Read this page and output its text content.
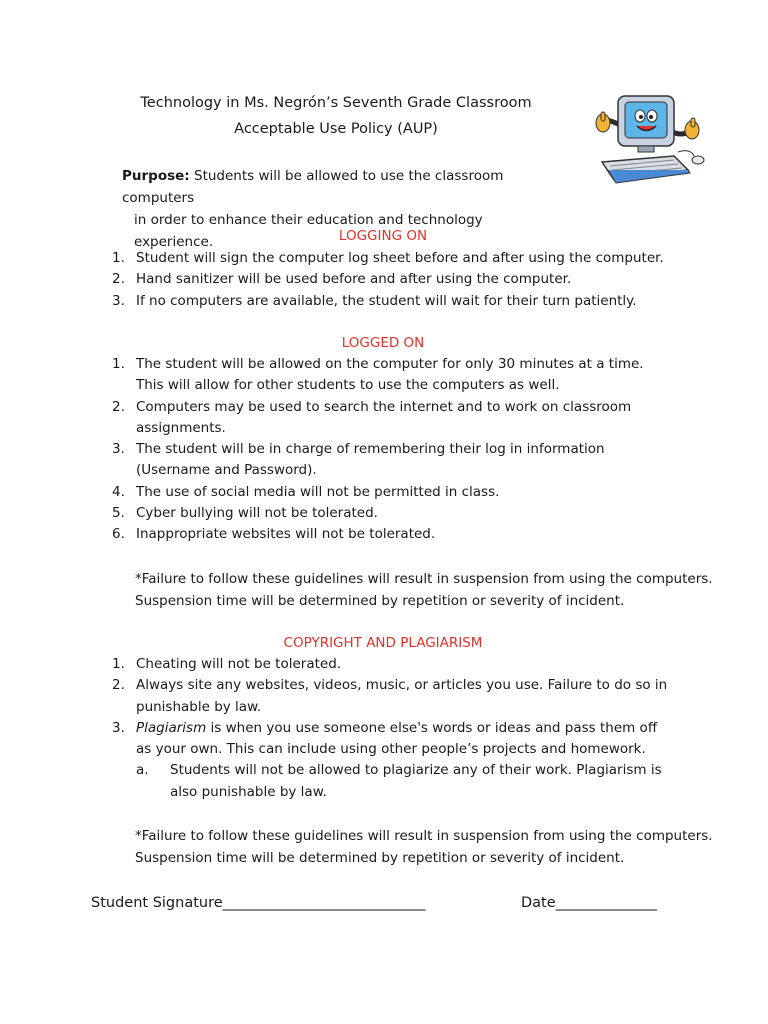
Technology in Ms. Negrón’s Seventh Grade Classroom
Acceptable Use Policy (AUP)
Purpose: Students will be allowed to use the classroom computers
in order to enhance their education and technology experience.	LOGGING ON
1. Student will sign the computer log sheet before and after using the computer.
2. Hand sanitizer will be used before and after using the computer.
3. If no computers are available, the student will wait for their turn patiently.
LOGGED ON
1. The student will be allowed on the computer for only 30 minutes at a time. This will allow for other students to use the computers as well.
2. Computers may be used to search the internet and to work on classroom assignments.
3. The student will be in charge of remembering their log in information (Username and Password).
4. The use of social media will not be permitted in class.
5. Cyber bullying will not be tolerated.
6. Inappropriate websites will not be tolerated.
*Failure to follow these guidelines will result in suspension from using the computers. Suspension time will be determined by repetition or severity of incident.
COPYRIGHT AND PLAGIARISM
1. Cheating will not be tolerated.
2. Always site any websites, videos, music, or articles you use. Failure to do so in punishable by law.
3. Plagiarism is when you use someone else's words or ideas and pass them off as your own. This can include using other people’s projects and homework.
a. Students will not be allowed to plagiarize any of their work. Plagiarism is also punishable by law.
*Failure to follow these guidelines will result in suspension from using the computers. Suspension time will be determined by repetition or severity of incident.
Student Signature____________________________	Date______________
